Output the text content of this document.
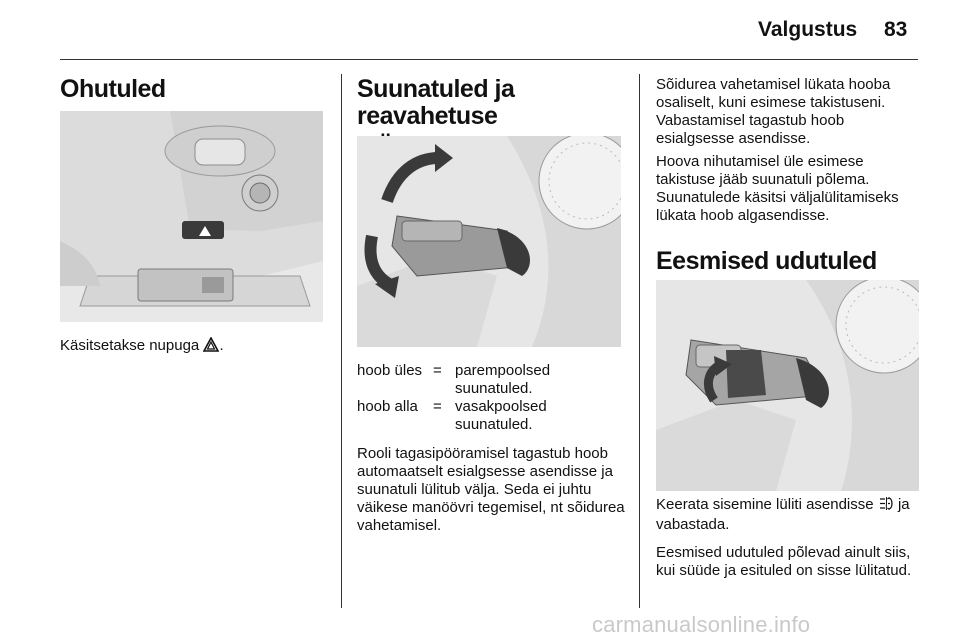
Valgustus 83
Ohutuled
Käsitsetakse nupuga .
Suunatuled ja reavahetuse
hoob üles = parempoolsed suunatuled.
hoob alla	= vasakpoolsed suunatuled.
Rooli tagasipööramisel tagastub hoob automaatselt esialgsesse asendisse ja suunatuli lülitub välja. Seda ei juhtu väikese manöövri tegemisel, nt sõidurea vahetamisel.
Sõidurea vahetamisel lükata hooba osaliselt, kuni esimese takistuseni. Vabastamisel tagastub hoob esialgsesse asendisse.
Hoova nihutamisel üle esimese takistuse jääb suunatuli põlema. Suunatulede käsitsi väljalülitamiseks lükata hoob algasendisse.
Eesmised udutuled
Keerata sisemine lüliti asendisse ja vabastada.
Eesmised udutuled põlevad ainult siis, kui süüde ja esituled on sisse lülitatud.
carmanualsonline.info
